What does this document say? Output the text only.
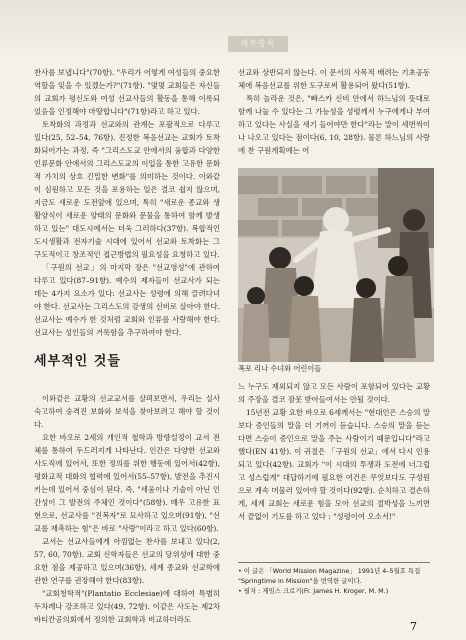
세부항목

찬사를 보냅니다"(70항). "우리가 어떻게 여성들의 중요한 역할을 잊을 수 있겠는가?"(71항). "몇몇 교회들은 자신들의 교회가 평신도와 여성 선교사들의 활동을 통해 이룩되었음을 인정해야 마땅합니다"(71항)라고 하고 있다.

토착화의 과정과 선교와의 관계는 포괄적으로 다루고 있다(25, 52–54, 76항). 진정한 복음선교는 교회가 토착화되어가는 과정, 즉 "그리스도교 안에서의 융합과 다양한 인류문화 안에서의 그리스도교의 이입을 통한 고유한 문화적 가치의 상호 긴밀한 변화"를 의미하는 것이다. 이와같이 심원하고 모든 것을 포용하는 일은 결코 쉽지 않으며, 지금도 새로운 도전앞에 있으며, 특히 "새로운 종교와 생활양식이 새로운 양태의 문화와 문물을 통하여 함께 발생하고 있는" 대도시에서는 더욱 그러하다(37항). 복합적인 도시생활과 전자기술 시대에 있어서 선교와 토착화는 그 구도적이고 창조적인 접근방법의 필요성을 요청하고 있다.

「구원의 선교」의 마지막 장은 "선교영성"에 관하여 다루고 있다(87–91항). 예수의 제자들이 선교사가 되는 데는 4가지 요소가 있다: 선교사는 성령에 의해 끌려다녀야 한다. 선교사는 그리스도의 강생의 신비로 살아야 한다. 선교사는 예수가 한 것처럼 교회와 인류를 사랑해야 한다. 선교사는 성인들의 거룩함을 추구하여야 한다.

세부적인 것들

이와같은 교황의 선교교서를 살펴보면서, 우리는 실사숙고하여 숭격진 보화와 보석을 찾아보려고 해야 할 것이다.

요한 바오로 2세의 개인적 철학과 방향설정이 교서 전체를 통하여 두드러지게 나타난다. 인간은 다양한 선교와 사도직에 있어서, 또한 정의를 위한 행동에 있어서(42항), 평화교적 대화의 협력에 있어서(55–57항), 발전을 추진시키는데 있어서 중심이 된다. 즉, "세움이나 기술이 아닌 인간성이 그 발전의 주체인 것이다"(58항). 매우 고유한 표현으로, 선교사를 "진복자"로 묘사하고 있으며(91항), "선교를 재촉하는 힘"은 바로 "사랑"이라고 하고 있다(60항).

교서는 선교사들에게 아낌없는 찬사를 보내고 있다(2, 57, 60, 70항). 교회 신학자들은 선교의 당위성에 대한 중요한 점을 제공하고 있으며(36항), 세계 종교와 선교학에 관한 연구를 권장해야 한다(83항).

"교회청학적"(Plantatio Ecclesiae)에 대하여 특별히 두차례나 강조하고 있다(49, 72항). 이같은 사도는 제2차 바티칸공의회에서 정의한 교회학과 비교하더라도

선교와 상반되지 않는다. 이 문서의 사목적 배려는 기초공동체에 복음선교를 위한 도구로써 활용되어 왔다(51항).

특히 놀라운 것은, "빠스카 신비 안에서 하느님의 뜻대로 함께 나눌 수 있다는 그 가능성을 성령께서 누구에게나 부여하고 있다는 사실을 새기 들어야만 한다"라는 말이 세번씩이나 나오고 있다는 점이다(6, 10, 28항). 물론 하느님의 사랑에 찬 구원계획에는 어

폭포 리나 수녀와 어린이들

느 누구도 제외되지 않고 모든 사람이 포함되어 있다는 교황의 주장을 결코 잠못 받아들여서는 안될 것이다.

15년전 교황 요한 바오로 6세께서는 "현대인은 스승의 말보다 증인들의 말을 더 기꺼이 듣습니다. 스승의 말을 듣는다면 스승이 증인으로 말을 주는 사람이기 때문입니다"라고 했다(EN 41항). 이 귀절은 「구원의 선교」에서 다시 인용되고 있다(42항). 교회가 "이 시대의 투쟁과 도전에 너그럽고 성스럽게" 대답하기에 필요한 여건은 무엇보다도 구성원으로 계속 머물러 있어야 할 것이다(92항). 순치하고 결손하게, 세계 교회는 새로운 힘을 모아 선교의 절박성을 느끼면서 끝없이 기도를 하고 있다 : "성령이여 오소서!"

• 이 글은 「World Mission Magazine」 1991년 4–5월호 특집 "Springtime in Mission"을 번역한 글이다.
• 필자 : 제임스 크로거(Fr. James H. Kroger, M. M.)
7
